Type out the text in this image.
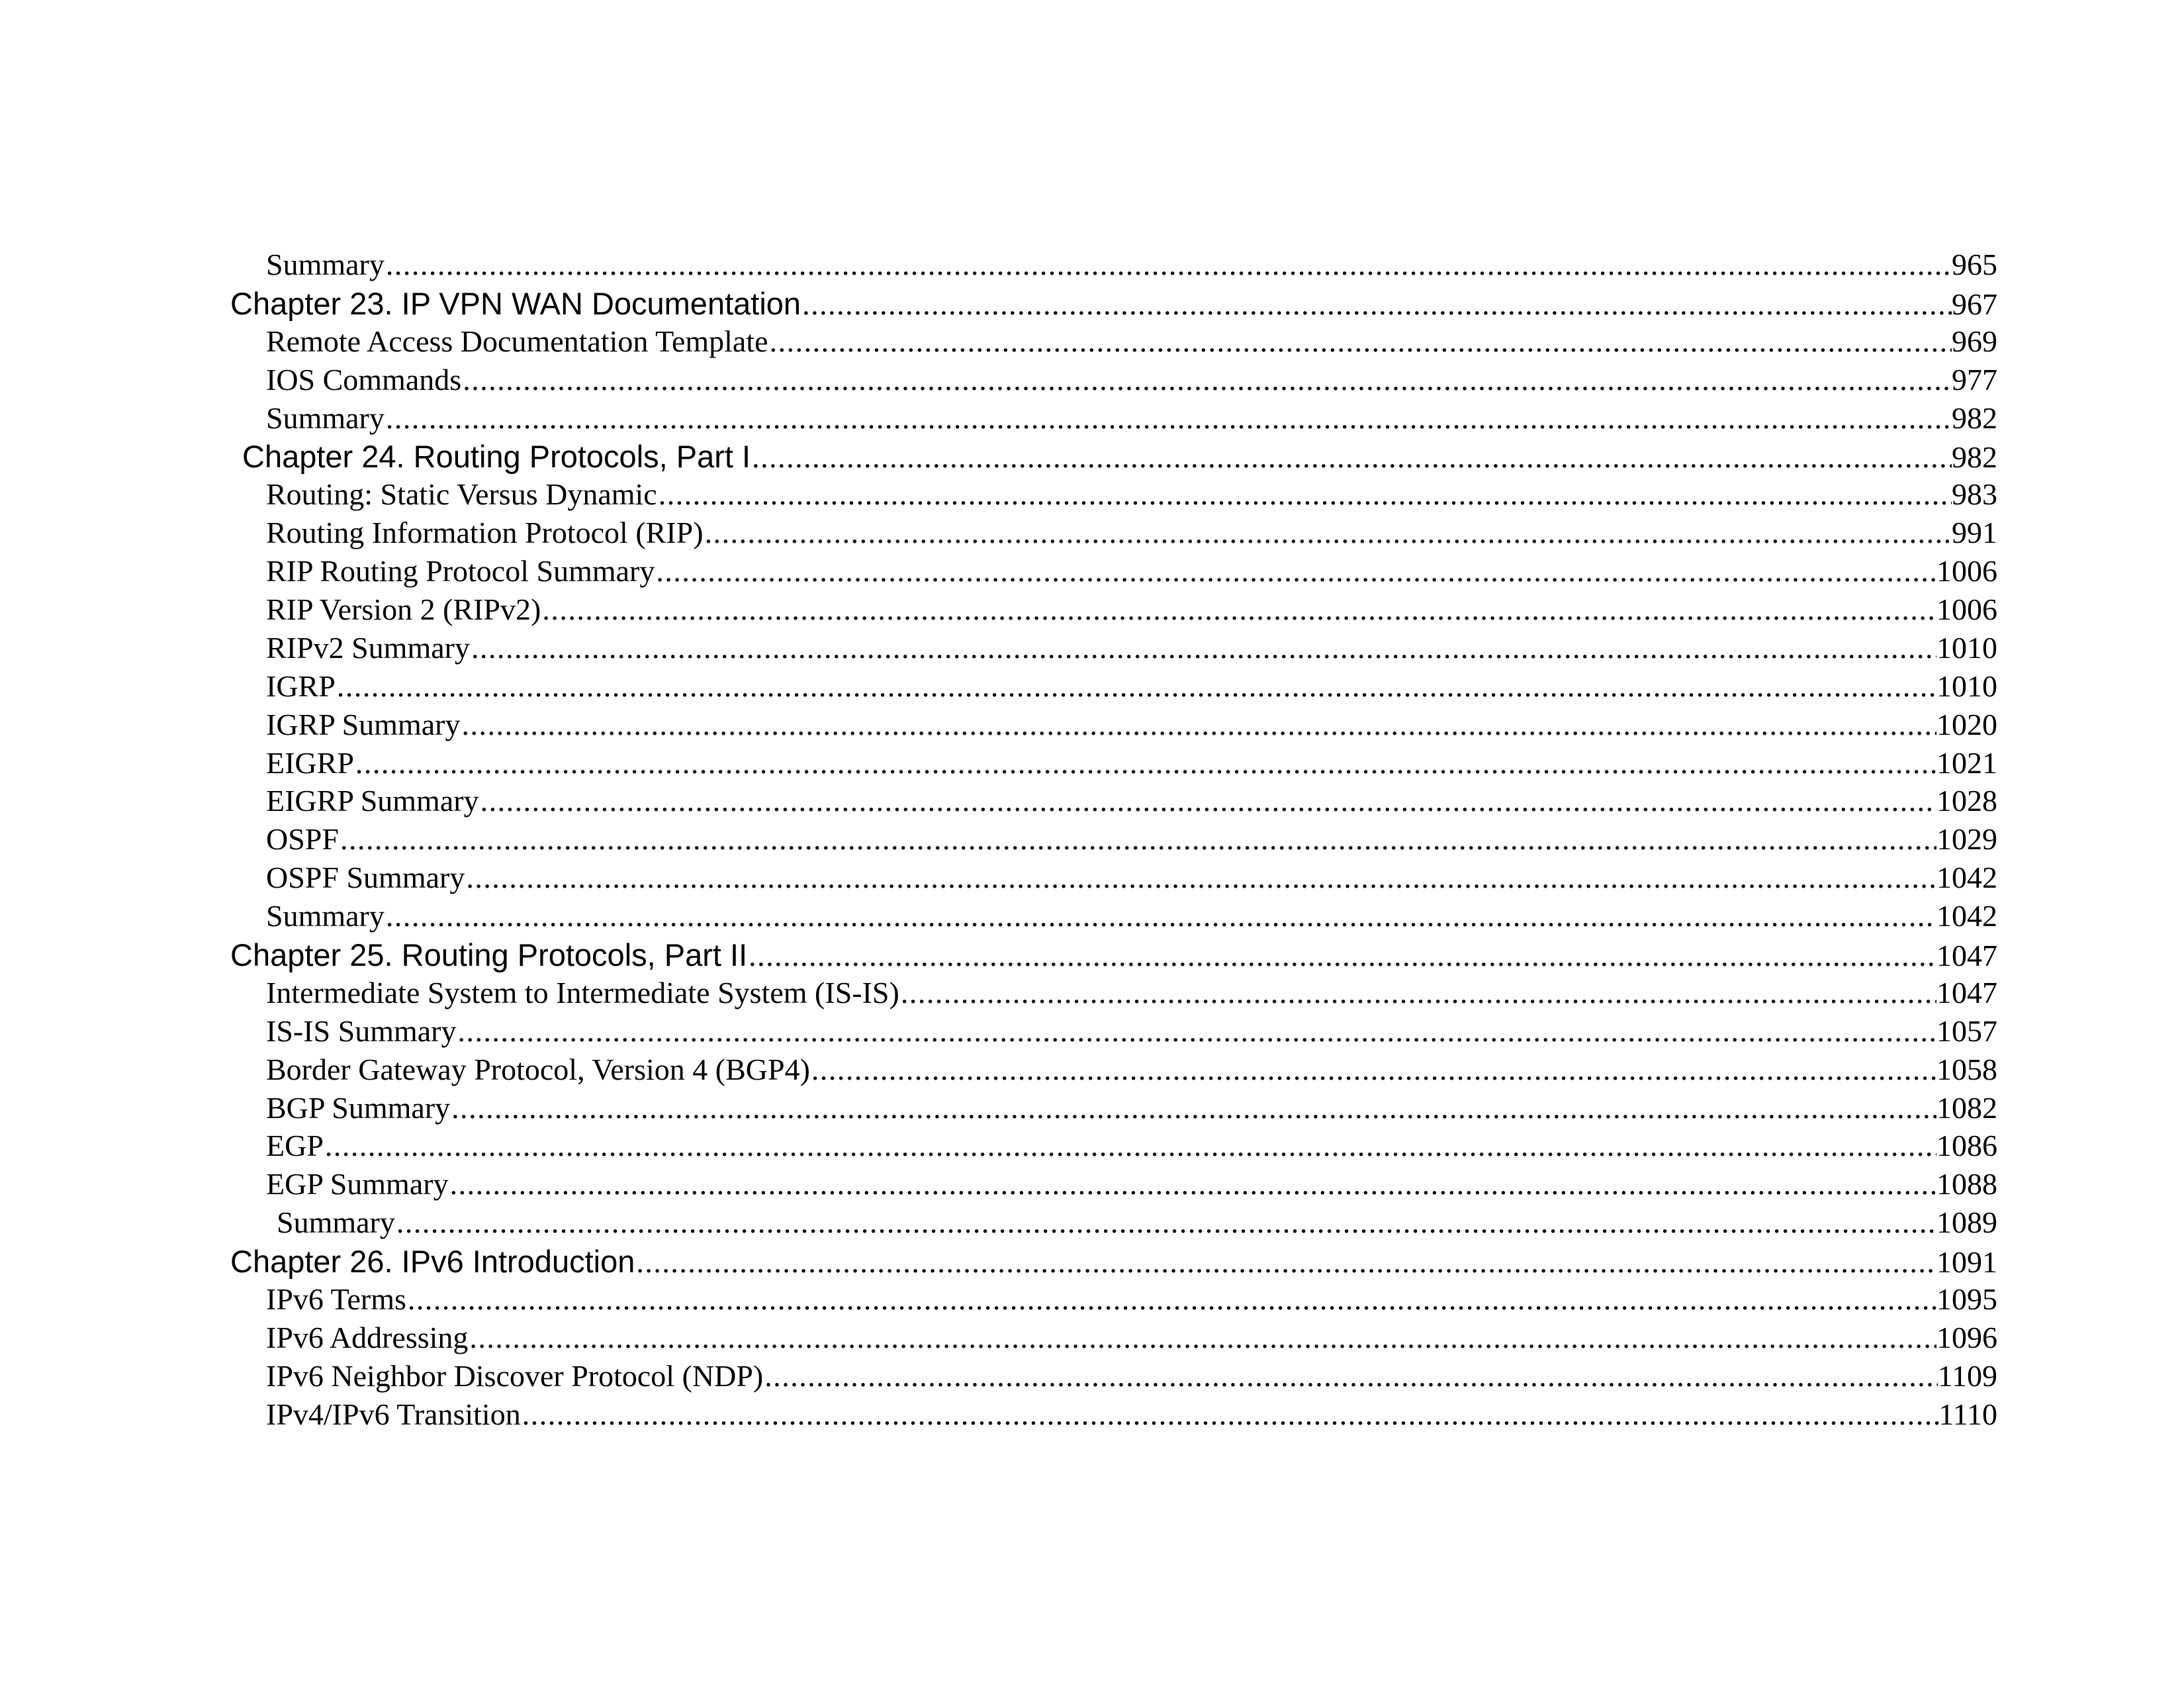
Summary .....	965
Chapter 23. IP VPN WAN Documentation .....	967
Remote Access Documentation Template .....	969
IOS Commands .....	977
Summary .....	982
Chapter 24. Routing Protocols, Part I .....	982
Routing: Static Versus Dynamic .....	983
Routing Information Protocol (RIP) .....	991
RIP Routing Protocol Summary .....	1006
RIP Version 2 (RIPv2) .....	1006
RIPv2 Summary .....	1010
IGRP .....	1010
IGRP Summary .....	1020
EIGRP .....	1021
EIGRP Summary .....	1028
OSPF .....	1029
OSPF Summary .....	1042
Summary .....	1042
Chapter 25. Routing Protocols, Part II .....	1047
Intermediate System to Intermediate System (IS-IS) .....	1047
IS-IS Summary .....	1057
Border Gateway Protocol, Version 4 (BGP4) .....	1058
BGP Summary .....	1082
EGP .....	1086
EGP Summary .....	1088
Summary .....	1089
Chapter 26. IPv6 Introduction .....	1091
IPv6 Terms .....	1095
IPv6 Addressing .....	1096
IPv6 Neighbor Discover Protocol (NDP) .....	1109
IPv4/IPv6 Transition .....	1110
